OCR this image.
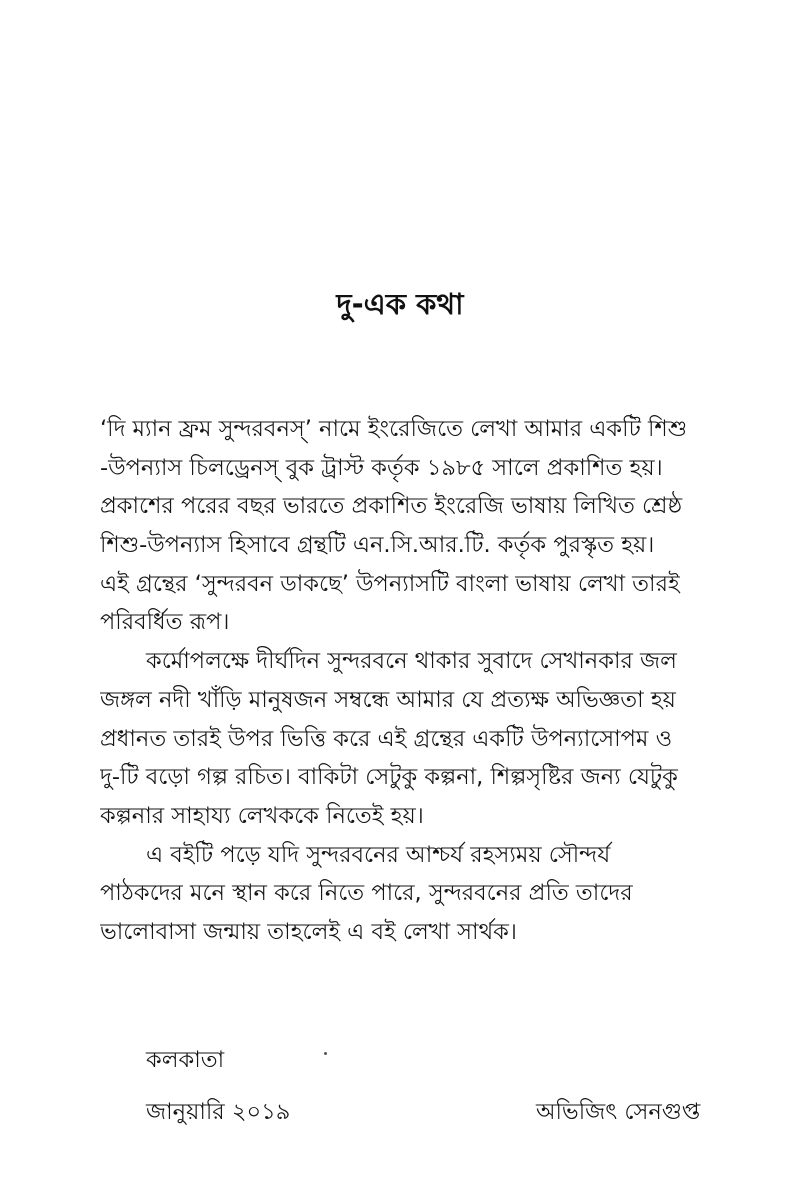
দু-এক কথা
‘দি ম্যান ফ্রম সুন্দরবনস্’ নামে ইংরেজিতে লেখা আমার একটি শিশু
-উপন্যাস চিলড্রেনস্ বুক ট্রাস্ট কর্তৃক ১৯৮৫ সালে প্রকাশিত হয়।
প্রকাশের পরের বছর ভারতে প্রকাশিত ইংরেজি ভাষায় লিখিত শ্রেষ্ঠ
শিশু-উপন্যাস হিসাবে গ্রন্থটি এন.সি.আর.টি. কর্তৃক পুরস্কৃত হয়।
এই গ্রন্থের ‘সুন্দরবন ডাকছে’ উপন্যাসটি বাংলা ভাষায় লেখা তারই
পরিবর্ধিত রূপ।
কর্মোপলক্ষে দীর্ঘদিন সুন্দরবনে থাকার সুবাদে সেখানকার জল
জঙ্গল নদী খাঁড়ি মানুষজন সম্বন্ধে আমার যে প্রত্যক্ষ অভিজ্ঞতা হয়
প্রধানত তারই উপর ভিত্তি করে এই গ্রন্থের একটি উপন্যাসোপম ও
দু-টি বড়ো গল্প রচিত। বাকিটা সেটুকু কল্পনা, শিল্পসৃষ্টির জন্য যেটুকু
কল্পনার সাহায্য লেখককে নিতেই হয়।
এ বইটি পড়ে যদি সুন্দরবনের আশ্চর্য রহস্যময় সৌন্দর্য
পাঠকদের মনে স্থান করে নিতে পারে, সুন্দরবনের প্রতি তাদের
ভালোবাসা জন্মায় তাহলেই এ বই লেখা সার্থক।
কলকাতা
জানুয়ারি ২০১৯	অভিজিৎ সেনগুপ্ত
